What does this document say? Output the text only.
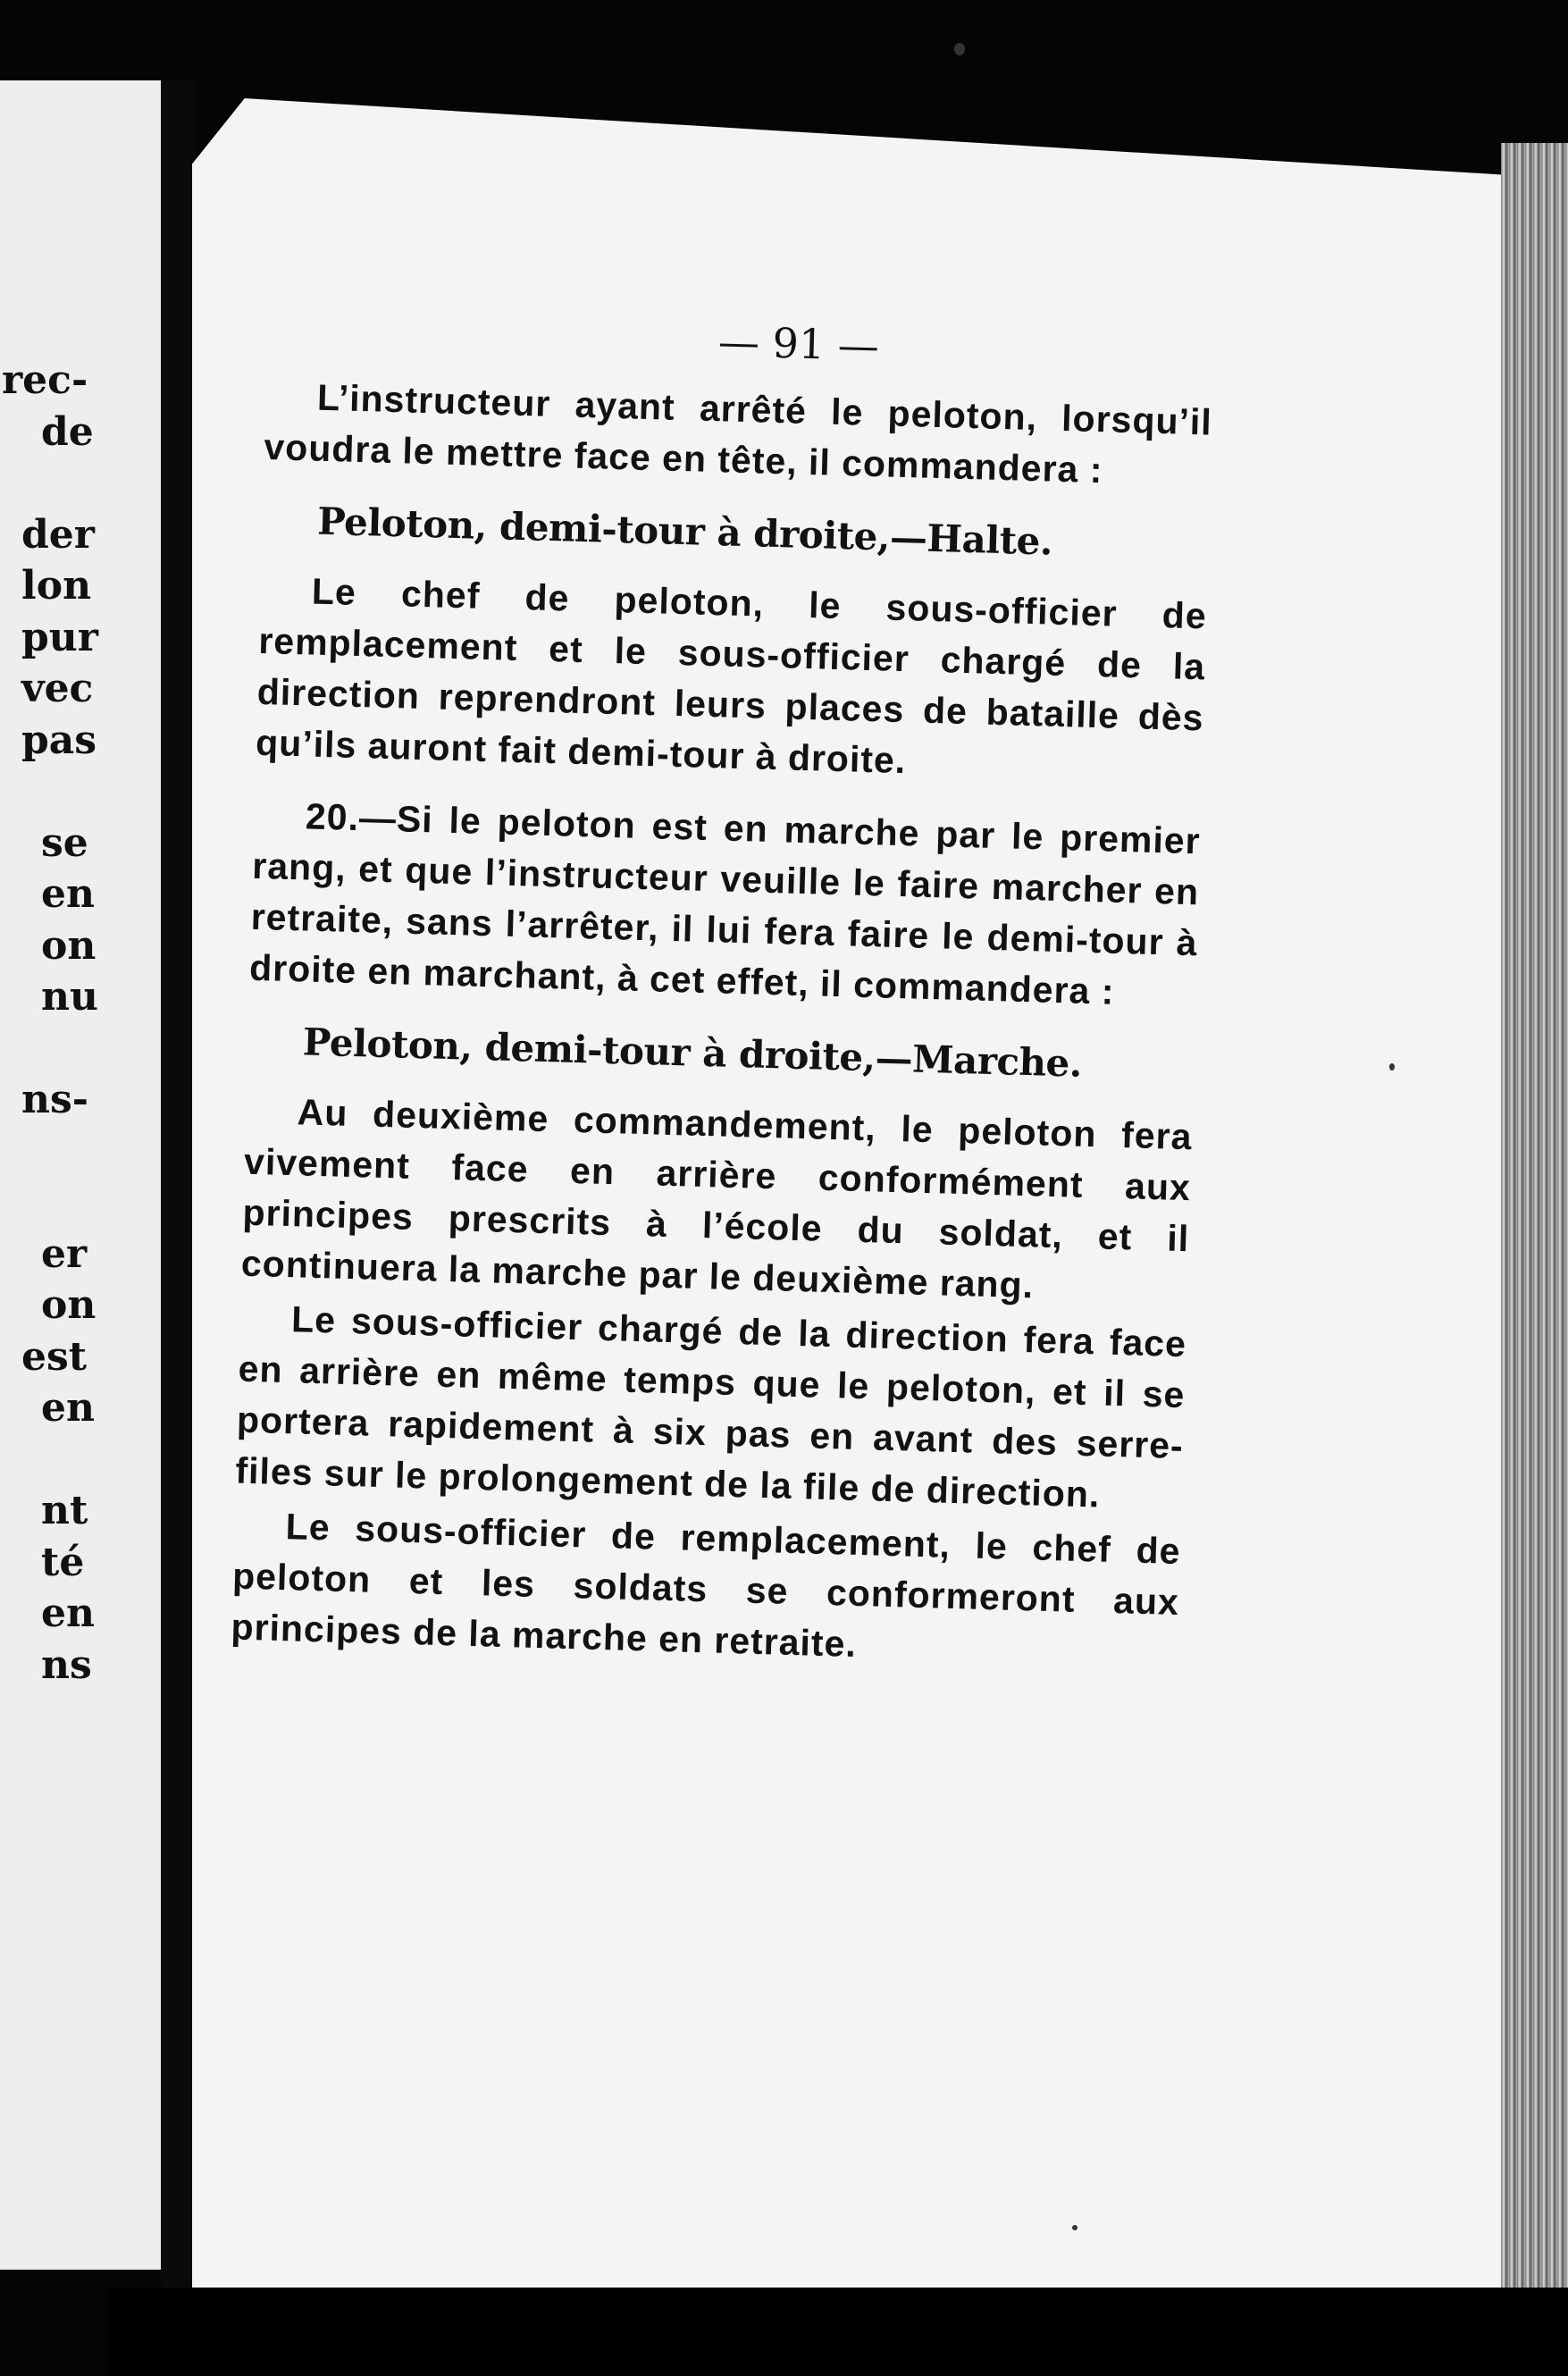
rec-
de
der
lon
pur
vec
pas
se
en
on
nu
ns-
er
on
est
en
nt
té
en
ns
— 91 —

L’instructeur ayant arrêté le peloton, lorsqu’il voudra le mettre face en tête, il commandera :

Peloton, demi-tour à droite,—Halte.

Le chef de peloton, le sous-officier de remplacement et le sous-officier chargé de la direction reprendront leurs places de bataille dès qu’ils auront fait demi-tour à droite.

20.—Si le peloton est en marche par le premier rang, et que l’instructeur veuille le faire marcher en retraite, sans l’arrêter, il lui fera faire le demi-tour à droite en marchant, à cet effet, il commandera :

Peloton, demi-tour à droite,—Marche.

Au deuxième commandement, le peloton fera vivement face en arrière conformément aux principes prescrits à l’école du soldat, et il continuera la marche par le deuxième rang.

Le sous-officier chargé de la direction fera face en arrière en même temps que le peloton, et il se portera rapidement à six pas en avant des serre-files sur le prolongement de la file de direction.

Le sous-officier de remplacement, le chef de peloton et les soldats se conformeront aux principes de la marche en retraite.
